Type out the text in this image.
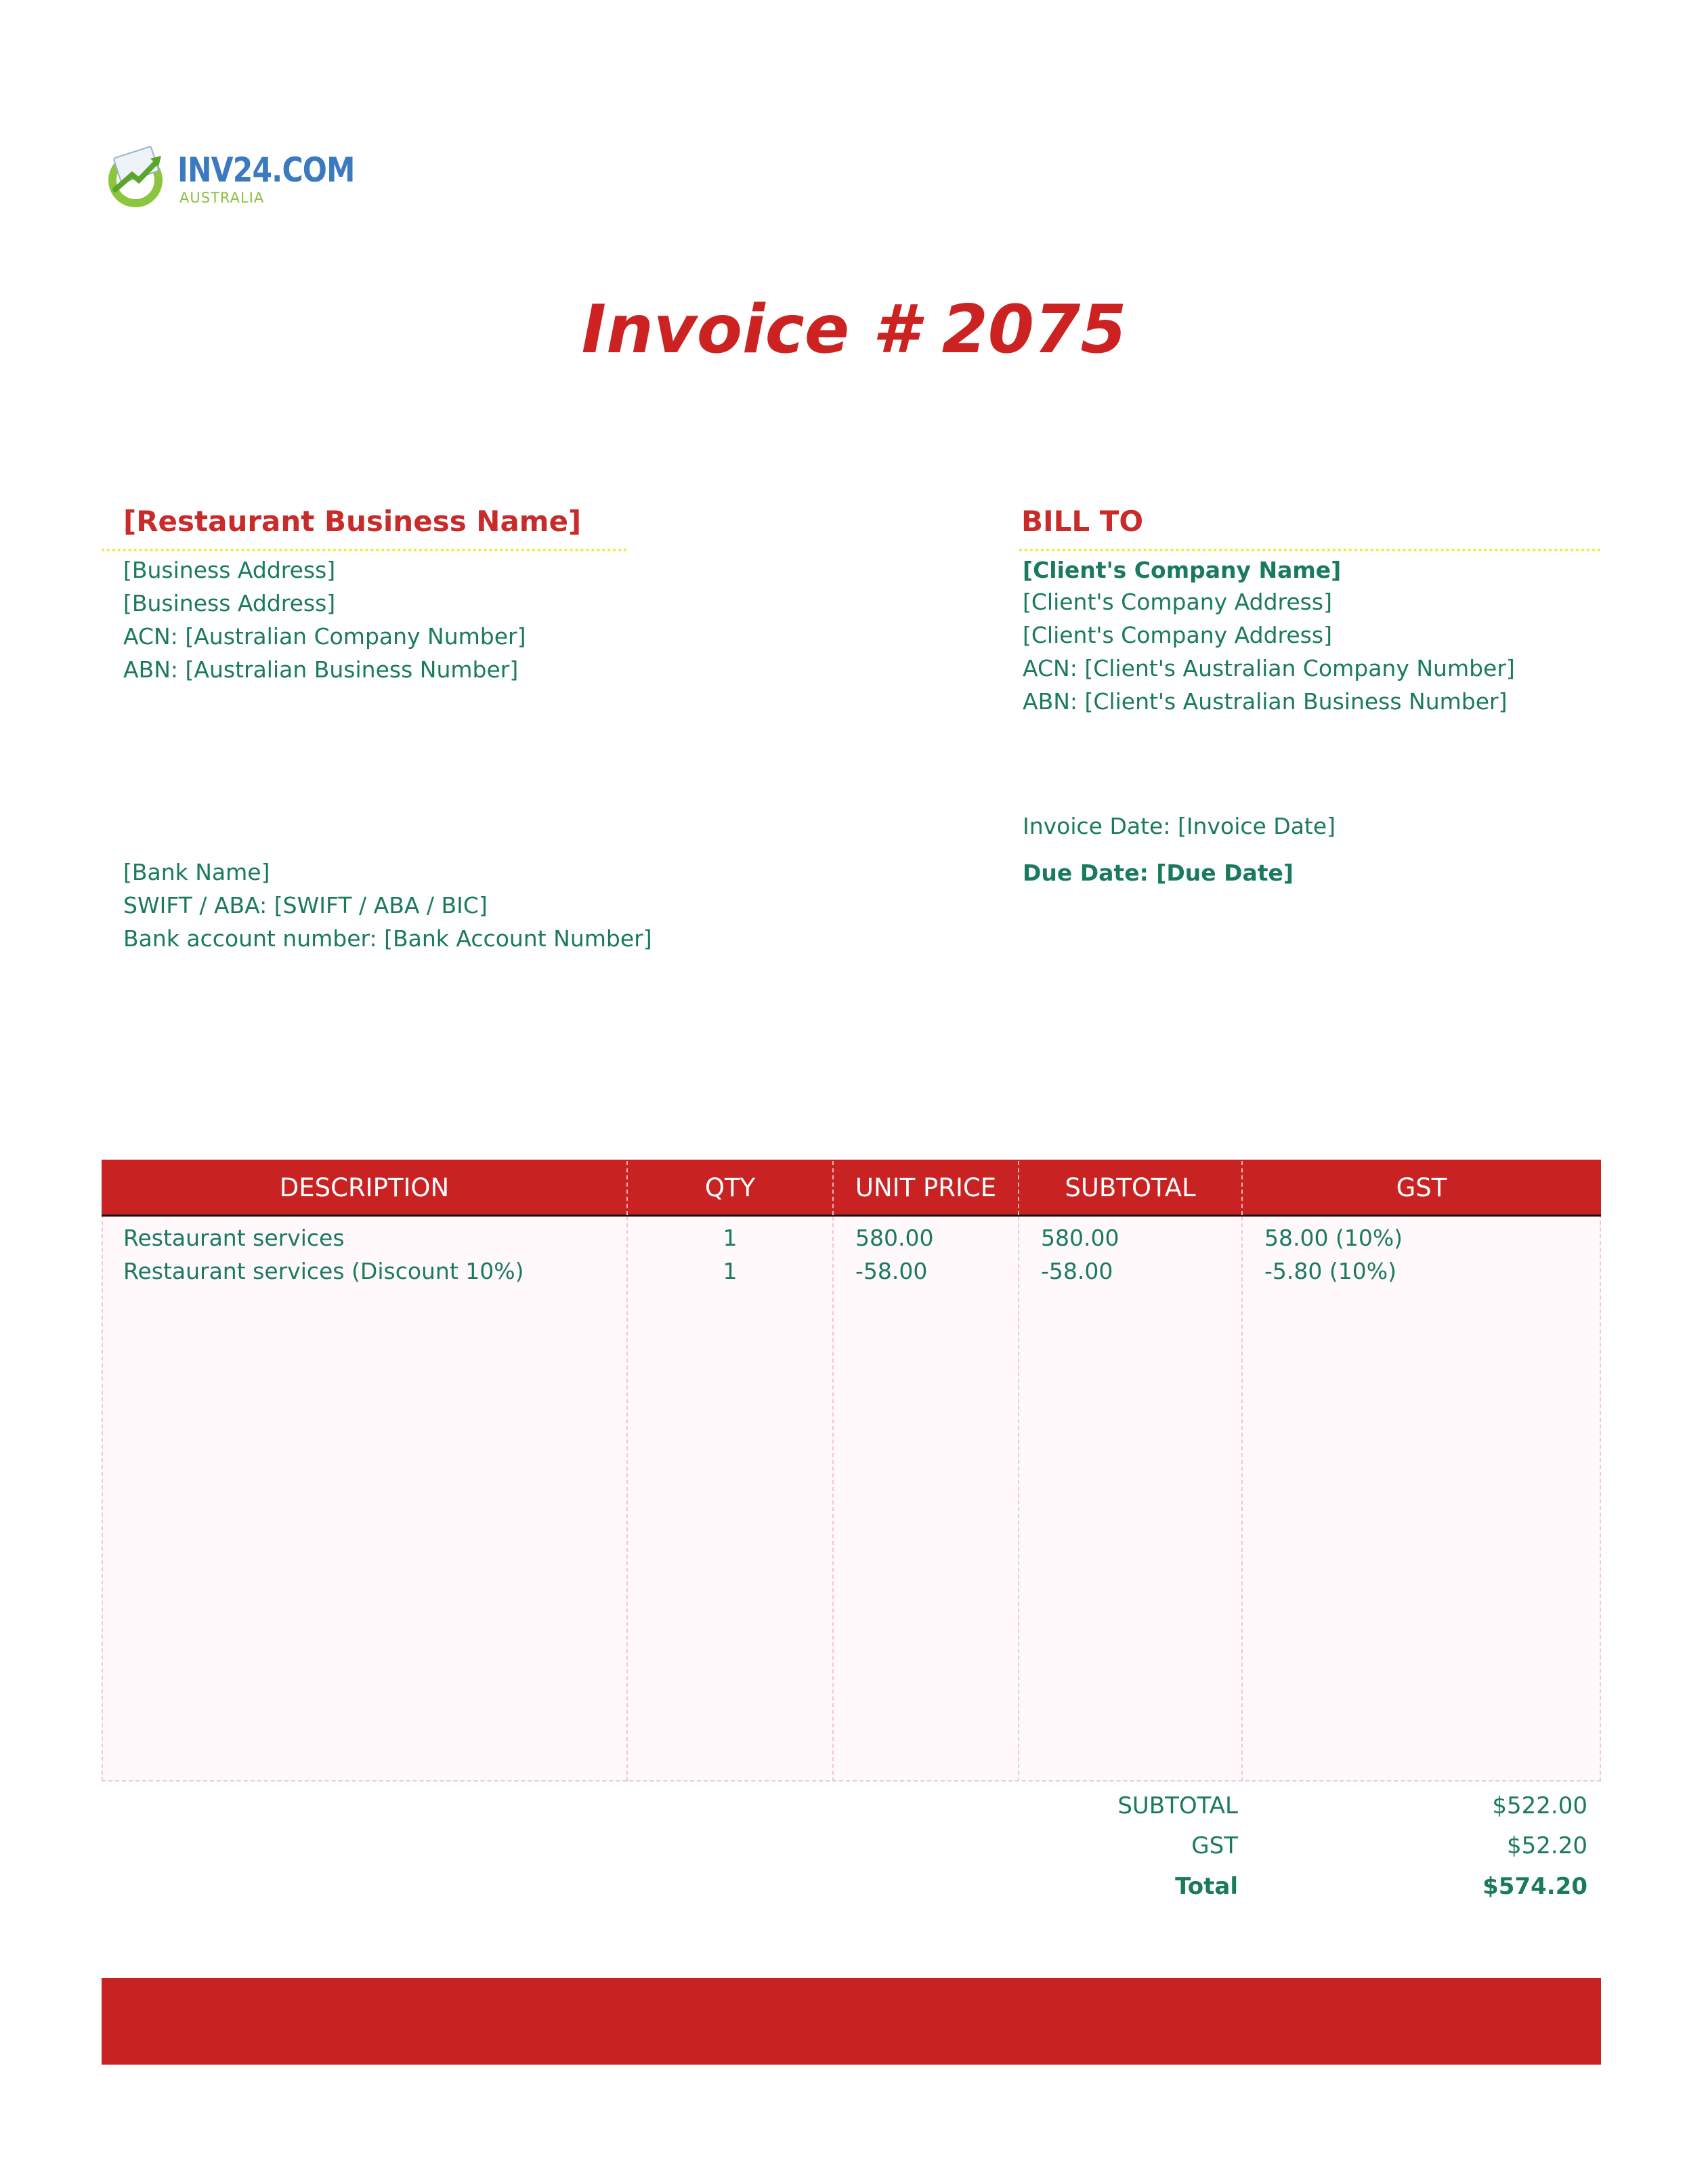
INV24.COM
AUSTRALIA
Invoice # 2075
[Restaurant Business Name]
[Business Address]
[Business Address]
ACN: [Australian Company Number]
ABN: [Australian Business Number]
[Bank Name]
SWIFT / ABA: [SWIFT / ABA / BIC]
Bank account number: [Bank Account Number]
BILL TO
[Client's Company Name]
[Client's Company Address]
[Client's Company Address]
ACN: [Client's Australian Company Number]
ABN: [Client's Australian Business Number]
Invoice Date: [Invoice Date]
Due Date: [Due Date]
DESCRIPTION	QTY	UNIT PRICE	SUBTOTAL	GST
Restaurant services	1	580.00	580.00	58.00 (10%)
Restaurant services (Discount 10%)	1	-58.00	-58.00	-5.80 (10%)
SUBTOTAL	$522.00
GST	$52.20
Total	$574.20
